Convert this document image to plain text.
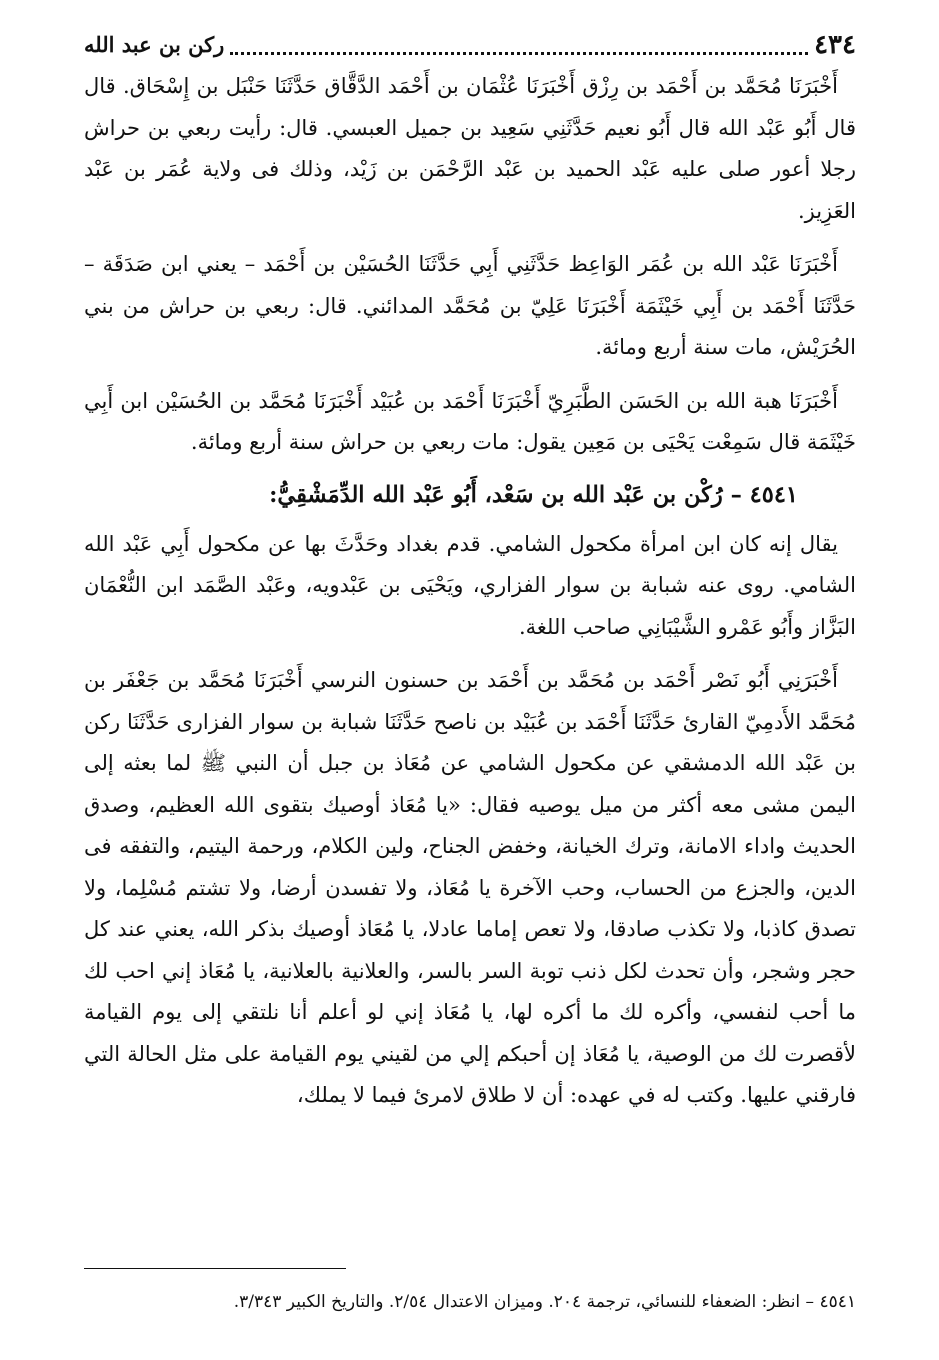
٤٣٤
ركن بن عبد الله

أَخْبَرَنَا مُحَمَّد بن أَحْمَد بن رِزْق أَخْبَرَنَا عُثْمَان بن أَحْمَد الدَّقَّاق حَدَّثَنَا حَنْبَل بن إِسْحَاق. قال قال أَبُو عَبْد الله قال أَبُو نعيم حَدَّثَنِي سَعِيد بن جميل العبسي. قال: رأيت ربعي بن حراش رجلا أعور صلى عليه عَبْد الحميد بن عَبْد الرَّحْمَن بن زَيْد، وذلك فى ولاية عُمَر بن عَبْد العَزِيز.

أَخْبَرَنَا عَبْد الله بن عُمَر الوَاعِظ حَدَّثَنِي أَبِي حَدَّثَنَا الحُسَيْن بن أَحْمَد – يعني ابن صَدَقَة – حَدَّثَنَا أَحْمَد بن أَبِي خَيْثَمَة أَخْبَرَنَا عَلِيّ بن مُحَمَّد المدائني. قال: ربعي بن حراش من بني الحُرَيْش، مات سنة أربع ومائة.

أَخْبَرَنَا هبة الله بن الحَسَن الطَّبَرِيّ أَخْبَرَنَا أَحْمَد بن عُبَيْد أَخْبَرَنَا مُحَمَّد بن الحُسَيْن ابن أَبِي خَيْثَمَة قال سَمِعْت يَحْيَى بن مَعِين يقول: مات ربعي بن حراش سنة أربع ومائة.

٤٥٤١ – رُكْن بن عَبْد الله بن سَعْد، أَبُو عَبْد الله الدِّمَشْقِيُّ:

يقال إنه كان ابن امرأة مكحول الشامي. قدم بغداد وحَدَّثَ بها عن مكحول أَبِي عَبْد الله الشامي. روى عنه شبابة بن سوار الفزاري، ويَحْيَى بن عَبْدويه، وعَبْد الصَّمَد ابن النُّعْمَان البَزَّاز وأَبُو عَمْرو الشَّيْبَانِي صاحب اللغة.

أَخْبَرَنِي أَبُو نَصْر أَحْمَد بن مُحَمَّد بن أَحْمَد بن حسنون النرسي أَخْبَرَنَا مُحَمَّد بن جَعْفَر بن مُحَمَّد الأَدمِيّ القارئ حَدَّثَنَا أَحْمَد بن عُبَيْد بن ناصح حَدَّثَنَا شبابة بن سوار الفزارى حَدَّثَنَا ركن بن عَبْد الله الدمشقي عن مكحول الشامي عن مُعَاذ بن جبل أن النبي ﷺ لما بعثه إلى اليمن مشى معه أكثر من ميل يوصيه فقال: «يا مُعَاذ أوصيك بتقوى الله العظيم، وصدق الحديث واداء الامانة، وترك الخيانة، وخفض الجناح، ولين الكلام، ورحمة اليتيم، والتفقه فى الدين، والجزع من الحساب، وحب الآخرة يا مُعَاذ، ولا تفسدن أرضا، ولا تشتم مُسْلِما، ولا تصدق كاذبا، ولا تكذب صادقا، ولا تعص إماما عادلا، يا مُعَاذ أوصيك بذكر الله، يعني عند كل حجر وشجر، وأن تحدث لكل ذنب توبة السر بالسر، والعلانية بالعلانية، يا مُعَاذ إني احب لك ما أحب لنفسي، وأكره لك ما أكره لها، يا مُعَاذ إني لو أعلم أنا نلتقي إلى يوم القيامة لأقصرت لك من الوصية، يا مُعَاذ إن أحبكم إلي من لقيني يوم القيامة على مثل الحالة التي فارقني عليها. وكتب له في عهده: أن لا طلاق لامرئ فيما لا يملك،

٤٥٤١ – انظر: الضعفاء للنسائي، ترجمة ٢٠٤. وميزان الاعتدال ٢/٥٤. والتاريخ الكبير ٣/٣٤٣.
